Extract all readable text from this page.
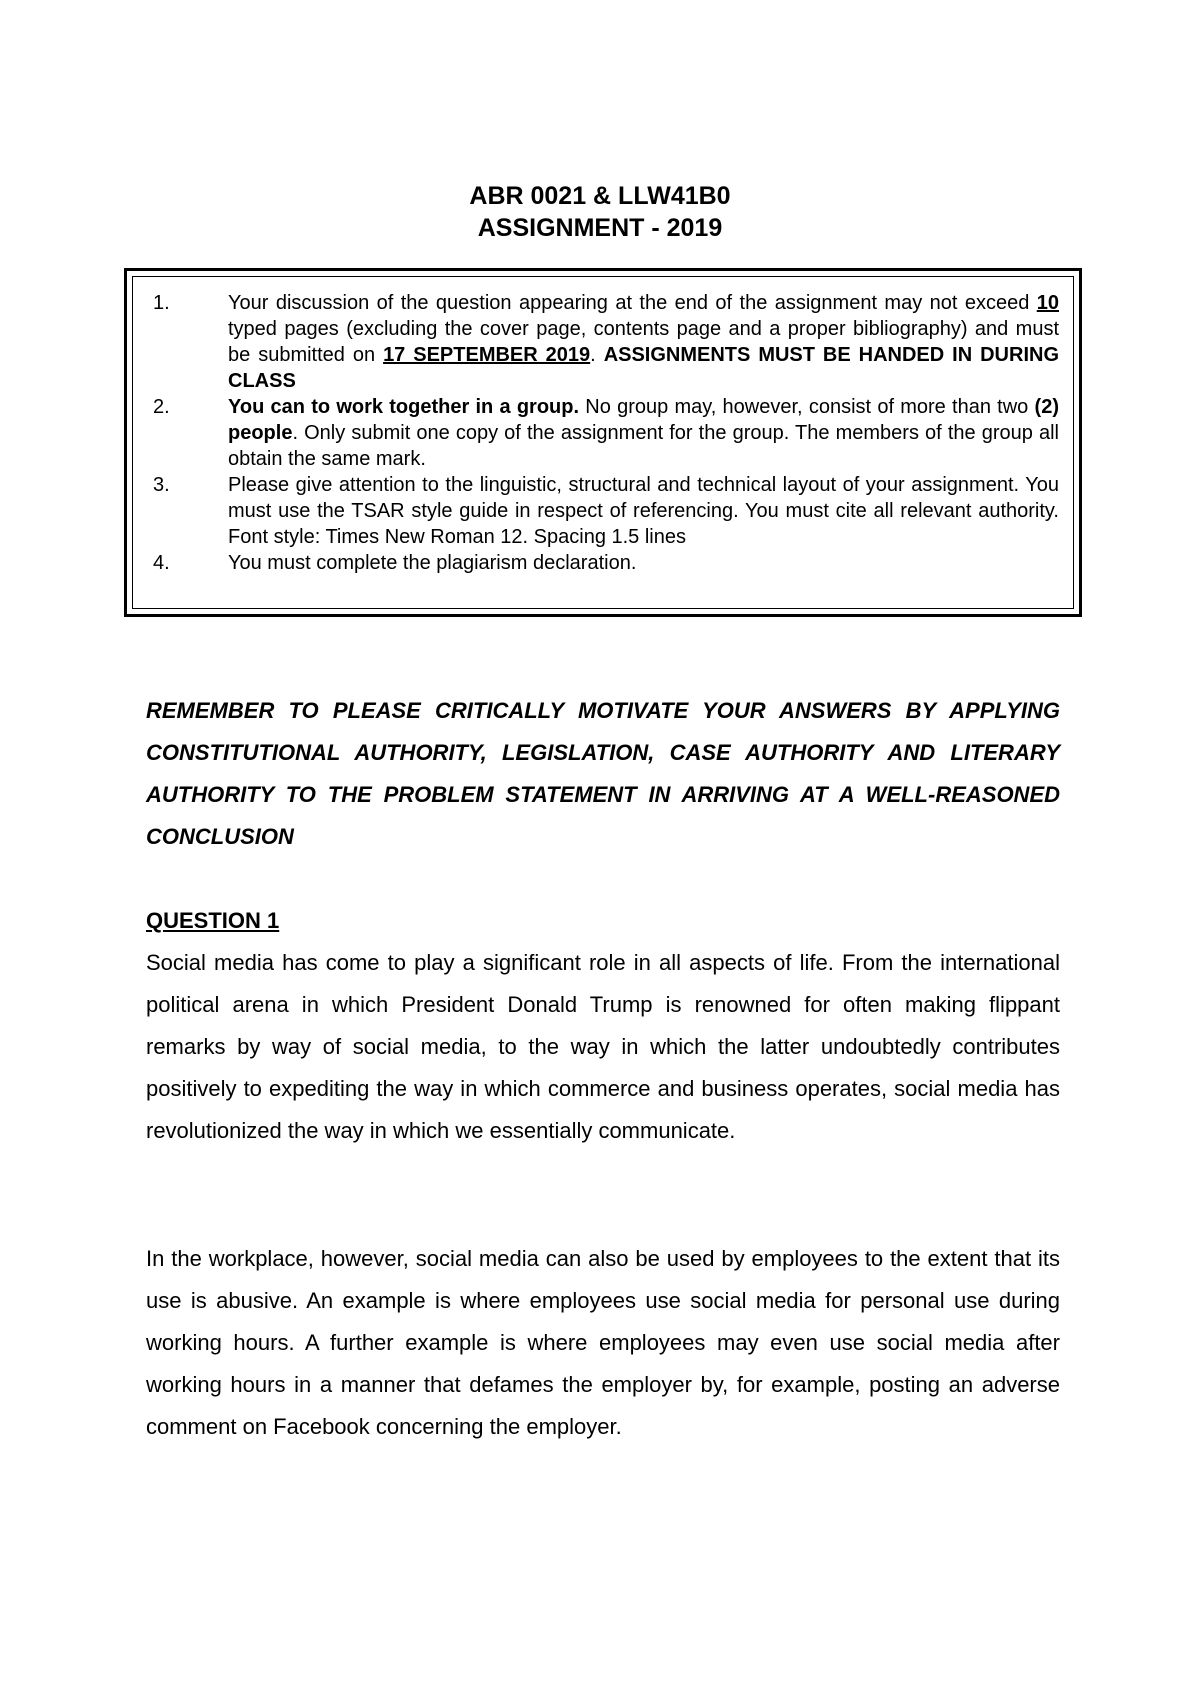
ABR 0021 & LLW41B0
ASSIGNMENT - 2019
1.	Your discussion of the question appearing at the end of the assignment may not exceed 10 typed pages (excluding the cover page, contents page and a proper bibliography) and must be submitted on 17 SEPTEMBER 2019. ASSIGNMENTS MUST BE HANDED IN DURING CLASS
2.	You can to work together in a group. No group may, however, consist of more than two (2) people. Only submit one copy of the assignment for the group. The members of the group all obtain the same mark.
3.	Please give attention to the linguistic, structural and technical layout of your assignment. You must use the TSAR style guide in respect of referencing. You must cite all relevant authority. Font style: Times New Roman 12. Spacing 1.5 lines
4.	You must complete the plagiarism declaration.
REMEMBER TO PLEASE CRITICALLY MOTIVATE YOUR ANSWERS BY APPLYING CONSTITUTIONAL AUTHORITY, LEGISLATION, CASE AUTHORITY AND LITERARY AUTHORITY TO THE PROBLEM STATEMENT IN ARRIVING AT A WELL-REASONED CONCLUSION
QUESTION 1
Social media has come to play a significant role in all aspects of life. From the international political arena in which President Donald Trump is renowned for often making flippant remarks by way of social media, to the way in which the latter undoubtedly contributes positively to expediting the way in which commerce and business operates, social media has revolutionized the way in which we essentially communicate.
In the workplace, however, social media can also be used by employees to the extent that its use is abusive. An example is where employees use social media for personal use during working hours. A further example is where employees may even use social media after working hours in a manner that defames the employer by, for example, posting an adverse comment on Facebook concerning the employer.
